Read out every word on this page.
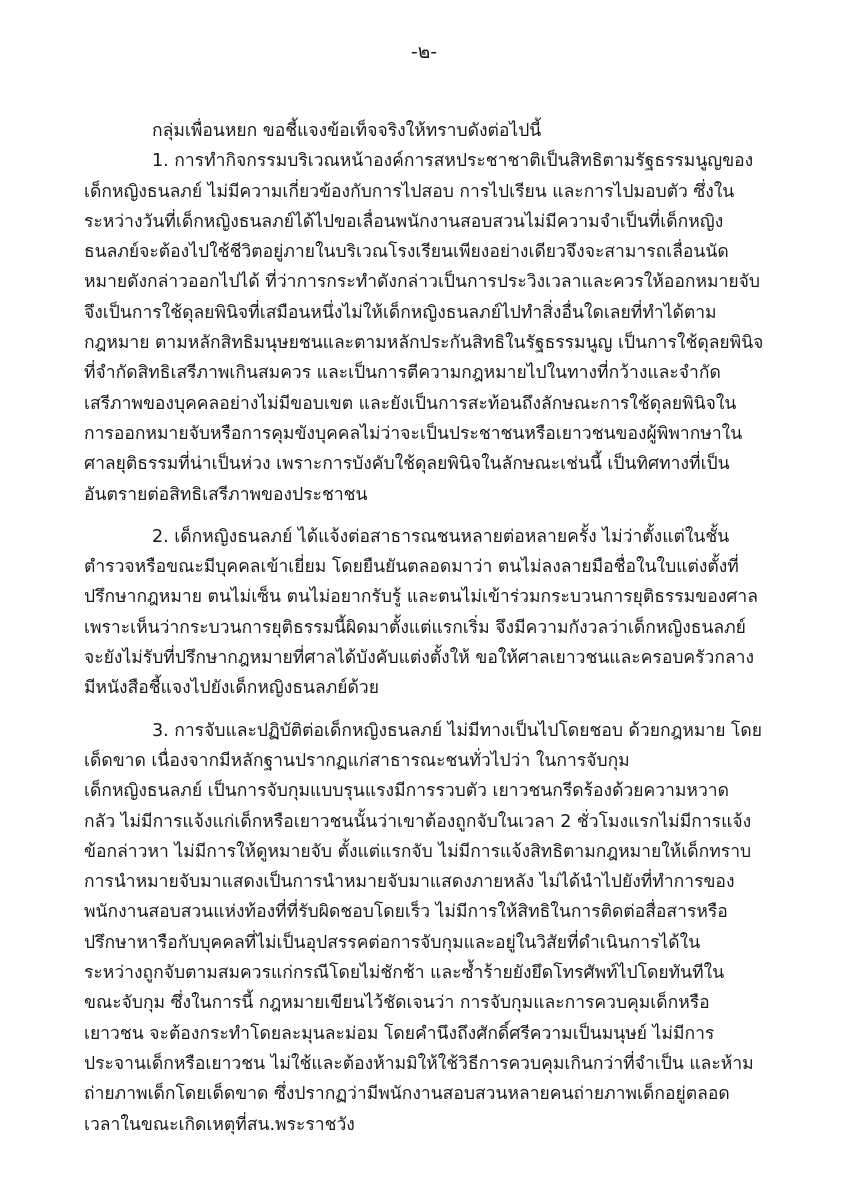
-๒-
กลุ่มเพื่อนหยก ขอชี้แจงข้อเท็จจริงให้ทราบดังต่อไปนี้
1. การทำกิจกรรมบริเวณหน้าองค์การสหประชาชาติเป็นสิทธิตามรัฐธรรมนูญของ
เด็กหญิงธนลภย์ ไม่มีความเกี่ยวข้องกับการไปสอบ การไปเรียน และการไปมอบตัว ซึ่งใน
ระหว่างวันที่เด็กหญิงธนลภย์ได้ไปขอเลื่อนพนักงานสอบสวนไม่มีความจำเป็นที่เด็กหญิง
ธนลภย์จะต้องไปใช้ชีวิตอยู่ภายในบริเวณโรงเรียนเพียงอย่างเดียวจึงจะสามารถเลื่อนนัด
หมายดังกล่าวออกไปได้ ที่ว่าการกระทำดังกล่าวเป็นการประวิงเวลาและควรให้ออกหมายจับ
จึงเป็นการใช้ดุลยพินิจที่เสมือนหนึ่งไม่ให้เด็กหญิงธนลภย์ไปทำสิ่งอื่นใดเลยที่ทำได้ตาม
กฎหมาย ตามหลักสิทธิมนุษยชนและตามหลักประกันสิทธิในรัฐธรรมนูญ เป็นการใช้ดุลยพินิจ
ที่จำกัดสิทธิเสรีภาพเกินสมควร และเป็นการตีความกฎหมายไปในทางที่กว้างและจำกัด
เสรีภาพของบุคคลอย่างไม่มีขอบเขต และยังเป็นการสะท้อนถึงลักษณะการใช้ดุลยพินิจใน
การออกหมายจับหรือการคุมขังบุคคลไม่ว่าจะเป็นประชาชนหรือเยาวชนของผู้พิพากษาใน
ศาลยุติธรรมที่น่าเป็นห่วง เพราะการบังคับใช้ดุลยพินิจในลักษณะเช่นนี้ เป็นทิศทางที่เป็น
อันตรายต่อสิทธิเสรีภาพของประชาชน
2. เด็กหญิงธนลภย์ ได้แจ้งต่อสาธารณชนหลายต่อหลายครั้ง ไม่ว่าตั้งแต่ในชั้น
ตำรวจหรือขณะมีบุคคลเข้าเยี่ยม โดยยืนยันตลอดมาว่า ตนไม่ลงลายมือชื่อในใบแต่งตั้งที่
ปรึกษากฎหมาย ตนไม่เซ็น ตนไม่อยากรับรู้ และตนไม่เข้าร่วมกระบวนการยุติธรรมของศาล
เพราะเห็นว่ากระบวนการยุติธรรมนี้ผิดมาตั้งแต่แรกเริ่ม จึงมีความกังวลว่าเด็กหญิงธนลภย์
จะยังไม่รับที่ปรึกษากฎหมายที่ศาลได้บังคับแต่งตั้งให้ ขอให้ศาลเยาวชนและครอบครัวกลาง
มีหนังสือชี้แจงไปยังเด็กหญิงธนลภย์ด้วย
3. การจับและปฏิบัติต่อเด็กหญิงธนลภย์ ไม่มีทางเป็นไปโดยชอบ ด้วยกฎหมาย โดย
เด็ดขาด เนื่องจากมีหลักฐานปรากฏแก่สาธารณะชนทั่วไปว่า ในการจับกุม
เด็กหญิงธนลภย์ เป็นการจับกุมแบบรุนแรงมีการรวบตัว เยาวชนกรีดร้องด้วยความหวาด
กลัว ไม่มีการแจ้งแก่เด็กหรือเยาวชนนั้นว่าเขาต้องถูกจับในเวลา 2 ชั่วโมงแรกไม่มีการแจ้ง
ข้อกล่าวหา ไม่มีการให้ดูหมายจับ ตั้งแต่แรกจับ ไม่มีการแจ้งสิทธิตามกฎหมายให้เด็กทราบ
การนำหมายจับมาแสดงเป็นการนำหมายจับมาแสดงภายหลัง ไม่ได้นำไปยังที่ทำการของ
พนักงานสอบสวนแห่งท้องที่ที่รับผิดชอบโดยเร็ว ไม่มีการให้สิทธิในการติดต่อสื่อสารหรือ
ปรึกษาหารือกับบุคคลที่ไม่เป็นอุปสรรคต่อการจับกุมและอยู่ในวิสัยที่ดำเนินการได้ใน
ระหว่างถูกจับตามสมควรแก่กรณีโดยไม่ชักช้า และซ้ำร้ายยังยึดโทรศัพท์ไปโดยทันทีใน
ขณะจับกุม ซึ่งในการนี้ กฎหมายเขียนไว้ชัดเจนว่า การจับกุมและการควบคุมเด็กหรือ
เยาวชน จะต้องกระทำโดยละมุนละม่อม โดยคำนึงถึงศักดิ์ศรีความเป็นมนุษย์ ไม่มีการ
ประจานเด็กหรือเยาวชน ไม่ใช้และต้องห้ามมิให้ใช้วิธีการควบคุมเกินกว่าที่จำเป็น และห้าม
ถ่ายภาพเด็กโดยเด็ดขาด ซึ่งปรากฏว่ามีพนักงานสอบสวนหลายคนถ่ายภาพเด็กอยู่ตลอด
เวลาในขณะเกิดเหตุที่สน.พระราชวัง
